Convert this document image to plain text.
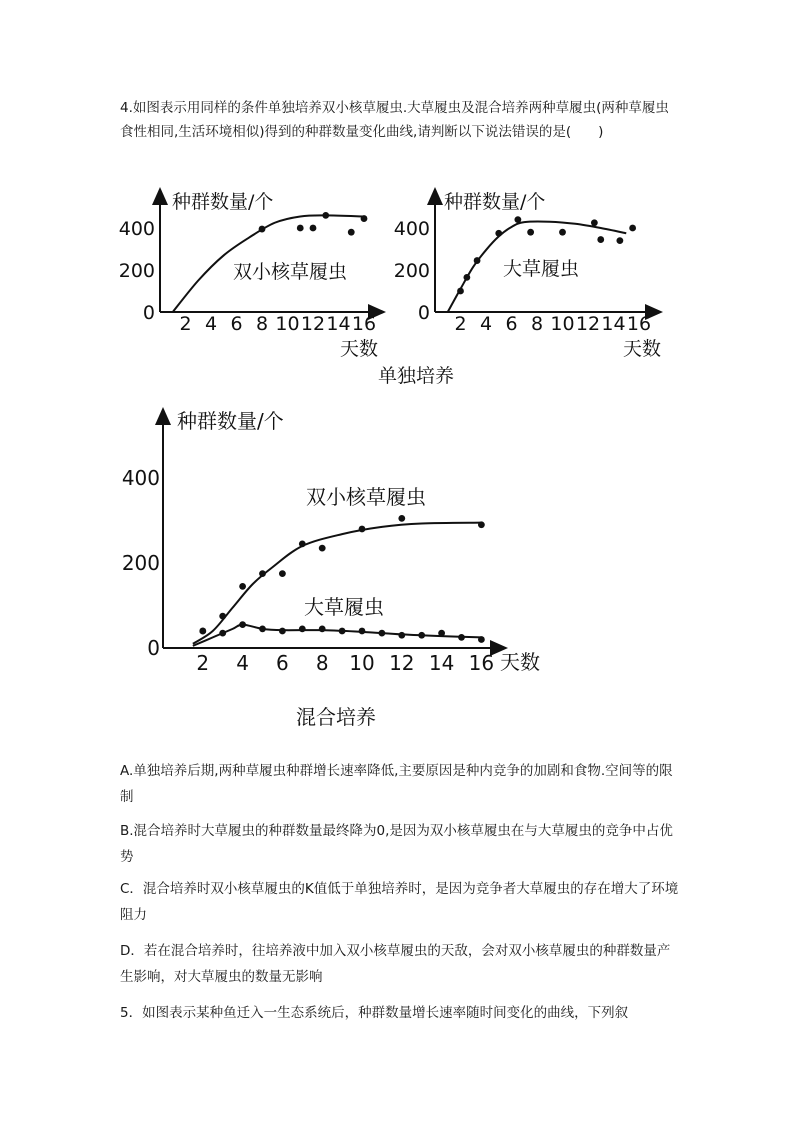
4.如图表示用同样的条件单独培养双小核草履虫.大草履虫及混合培养两种草履虫(两种草履虫食性相同,生活环境相似)得到的种群数量变化曲线,请判断以下说法错误的是(　　)
种群数量/个
天数
双小核草履虫
0
200
400
2 4 6 8 10 12 14 16
种群数量/个
天数
大草履虫
0
200
400
2 4 6 8 10 12 14 16
单独培养
种群数量/个
天数
双小核草履虫
大草履虫
0
200
400
2 4 6 8 10 12 14 16
混合培养
A.单独培养后期,两种草履虫种群增长速率降低,主要原因是种内竞争的加剧和食物.空间等的限制
B.混合培养时大草履虫的种群数量最终降为0,是因为双小核草履虫在与大草履虫的竞争中占优势
C．混合培养时双小核草履虫的K值低于单独培养时，是因为竞争者大草履虫的存在增大了环境阻力
D．若在混合培养时，往培养液中加入双小核草履虫的天敌，会对双小核草履虫的种群数量产生影响，对大草履虫的数量无影响
5．如图表示某种鱼迁入一生态系统后，种群数量增长速率随时间变化的曲线，下列叙
